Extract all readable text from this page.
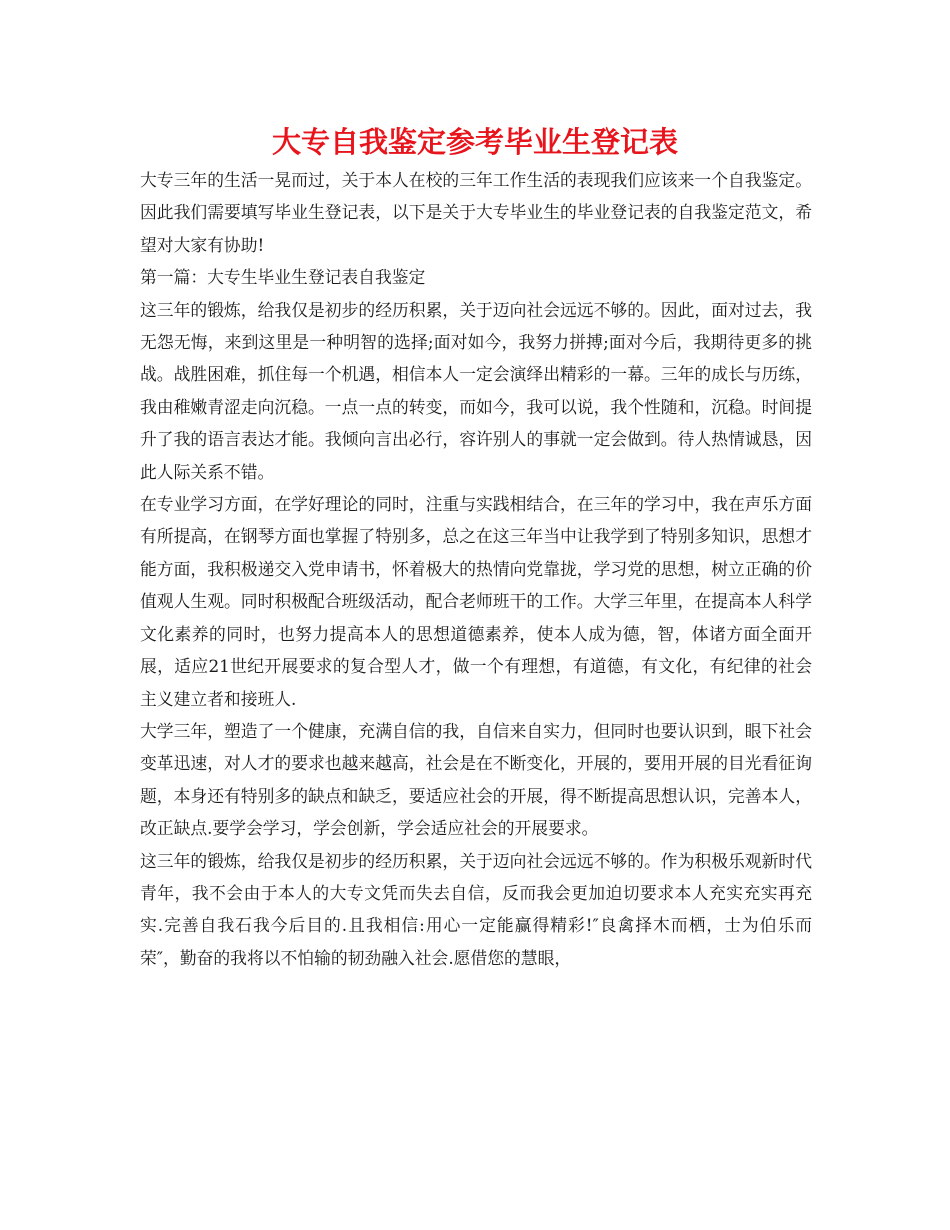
大专自我鉴定参考毕业生登记表

大专三年的生活一晃而过，关于本人在校的三年工作生活的表现我们应该来一个自我鉴定。因此我们需要填写毕业生登记表，以下是关于大专毕业生的毕业登记表的自我鉴定范文，希望对大家有协助!

第一篇：大专生毕业生登记表自我鉴定

这三年的锻炼，给我仅是初步的经历积累，关于迈向社会远远不够的。因此，面对过去，我无怨无悔，来到这里是一种明智的选择;面对如今，我努力拼搏;面对今后，我期待更多的挑战。战胜困难，抓住每一个机遇，相信本人一定会演绎出精彩的一幕。三年的成长与历练，我由稚嫩青涩走向沉稳。一点一点的转变，而如今，我可以说，我个性随和，沉稳。时间提升了我的语言表达才能。我倾向言出必行，容许别人的事就一定会做到。待人热情诚恳，因此人际关系不错。

在专业学习方面，在学好理论的同时，注重与实践相结合，在三年的学习中，我在声乐方面有所提高，在钢琴方面也掌握了特别多，总之在这三年当中让我学到了特别多知识，思想才能方面，我积极递交入党申请书，怀着极大的热情向党靠拢，学习党的思想，树立正确的价值观人生观。同时积极配合班级活动，配合老师班干的工作。大学三年里，在提高本人科学文化素养的同时，也努力提高本人的思想道德素养，使本人成为德，智，体诸方面全面开展，适应21世纪开展要求的复合型人才，做一个有理想，有道德，有文化，有纪律的社会主义建立者和接班人.

大学三年，塑造了一个健康，充满自信的我，自信来自实力，但同时也要认识到，眼下社会变革迅速，对人才的要求也越来越高，社会是在不断变化，开展的，要用开展的目光看征询题，本身还有特别多的缺点和缺乏，要适应社会的开展，得不断提高思想认识，完善本人，改正缺点.要学会学习，学会创新，学会适应社会的开展要求。

这三年的锻炼，给我仅是初步的经历积累，关于迈向社会远远不够的。作为积极乐观新时代青年，我不会由于本人的大专文凭而失去自信，反而我会更加迫切要求本人充实充实再充实.完善自我石我今后目的.且我相信:用心一定能赢得精彩!″良禽择木而栖，士为伯乐而荣″，勤奋的我将以不怕输的韧劲融入社会.愿借您的慧眼，
